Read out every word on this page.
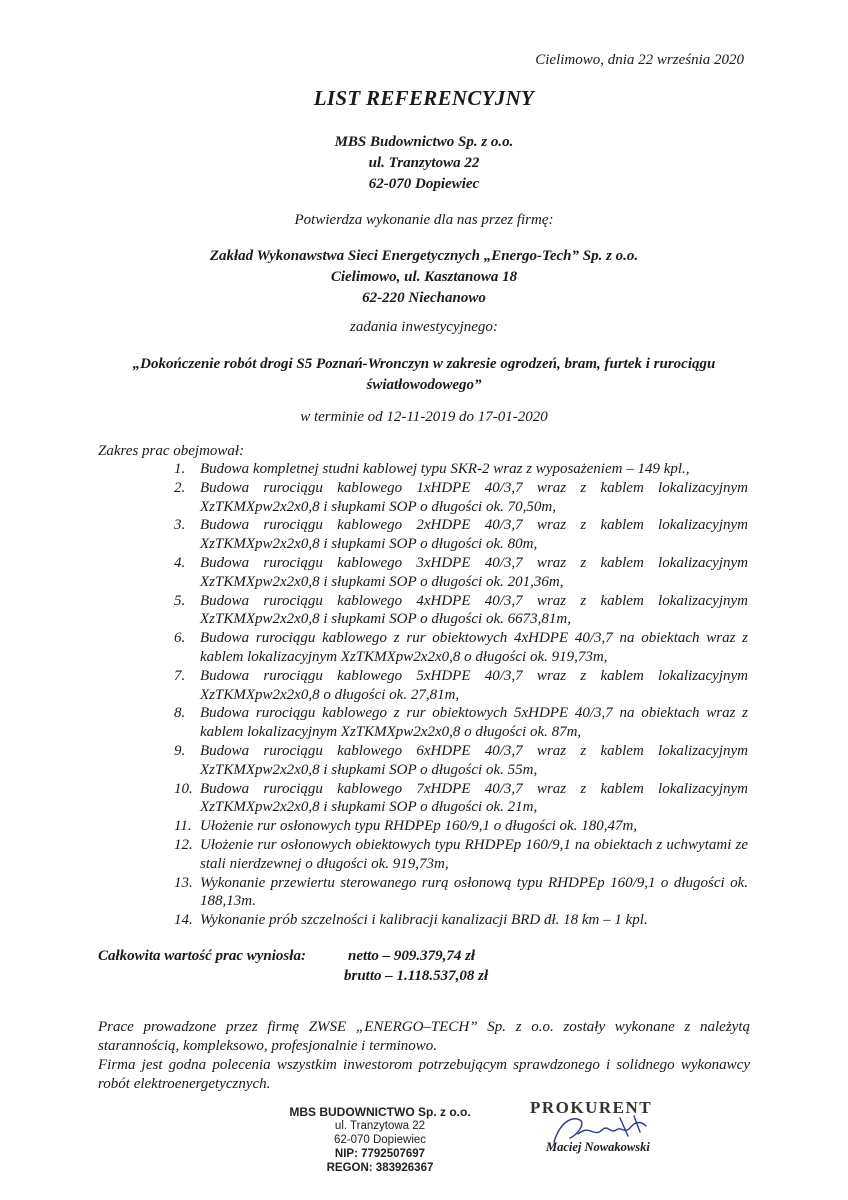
Cielimowo, dnia 22 września 2020
LIST REFERENCYJNY
MBS Budownictwo Sp. z o.o.
ul. Tranzytowa 22
62-070 Dopiewiec
Potwierdza wykonanie dla nas przez firmę:
Zakład Wykonawstwa Sieci Energetycznych „Energo-Tech” Sp. z o.o.
Cielimowo, ul. Kasztanowa 18
62-220 Niechanowo
zadania inwestycyjnego:
„Dokończenie robót drogi S5 Poznań-Wronczyn w zakresie ogrodzeń, bram, furtek i rurociągu światłowodowego”
w terminie od 12-11-2019 do 17-01-2020
Zakres prac obejmował:
1. Budowa kompletnej studni kablowej typu SKR-2 wraz z wyposażeniem – 149 kpl.,
2. Budowa rurociągu kablowego 1xHDPE 40/3,7 wraz z kablem lokalizacyjnym XzTKMXpw2x2x0,8 i słupkami SOP o długości ok. 70,50m,
3. Budowa rurociągu kablowego 2xHDPE 40/3,7 wraz z kablem lokalizacyjnym XzTKMXpw2x2x0,8 i słupkami SOP o długości ok. 80m,
4. Budowa rurociągu kablowego 3xHDPE 40/3,7 wraz z kablem lokalizacyjnym XzTKMXpw2x2x0,8 i słupkami SOP o długości ok. 201,36m,
5. Budowa rurociągu kablowego 4xHDPE 40/3,7 wraz z kablem lokalizacyjnym XzTKMXpw2x2x0,8 i słupkami SOP o długości ok. 6673,81m,
6. Budowa rurociągu kablowego z rur obiektowych 4xHDPE 40/3,7 na obiektach wraz z kablem lokalizacyjnym XzTKMXpw2x2x0,8 o długości ok. 919,73m,
7. Budowa rurociągu kablowego 5xHDPE 40/3,7 wraz z kablem lokalizacyjnym XzTKMXpw2x2x0,8 o długości ok. 27,81m,
8. Budowa rurociągu kablowego z rur obiektowych 5xHDPE 40/3,7 na obiektach wraz z kablem lokalizacyjnym XzTKMXpw2x2x0,8 o długości ok. 87m,
9. Budowa rurociągu kablowego 6xHDPE 40/3,7 wraz z kablem lokalizacyjnym XzTKMXpw2x2x0,8 i słupkami SOP o długości ok. 55m,
10. Budowa rurociągu kablowego 7xHDPE 40/3,7 wraz z kablem lokalizacyjnym XzTKMXpw2x2x0,8 i słupkami SOP o długości ok. 21m,
11. Ułożenie rur osłonowych typu RHDPEp 160/9,1 o długości ok. 180,47m,
12. Ułożenie rur osłonowych obiektowych typu RHDPEp 160/9,1 na obiektach z uchwytami ze stali nierdzewnej o długości ok. 919,73m,
13. Wykonanie przewiertu sterowanego rurą osłonową typu RHDPEp 160/9,1 o długości ok. 188,13m.
14. Wykonanie prób szczelności i kalibracji kanalizacji BRD dł. 18 km – 1 kpl.
Całkowita wartość prac wyniosła:	netto – 909.379,74 zł
brutto – 1.118.537,08 zł

Prace prowadzone przez firmę ZWSE „ENERGO–TECH” Sp. z o.o. zostały wykonane z należytą starannością, kompleksowo, profesjonalnie i terminowo.

Firma jest godna polecenia wszystkim inwestorom potrzebującym sprawdzonego i solidnego wykonawcy robót elektroenergetycznych.

MBS BUDOWNICTWO Sp. z o.o.
ul. Tranzytowa 22
62-070 Dopiewiec
NIP: 7792507697
REGON: 383926367
PROKURENT
Maciej Nowakowski
